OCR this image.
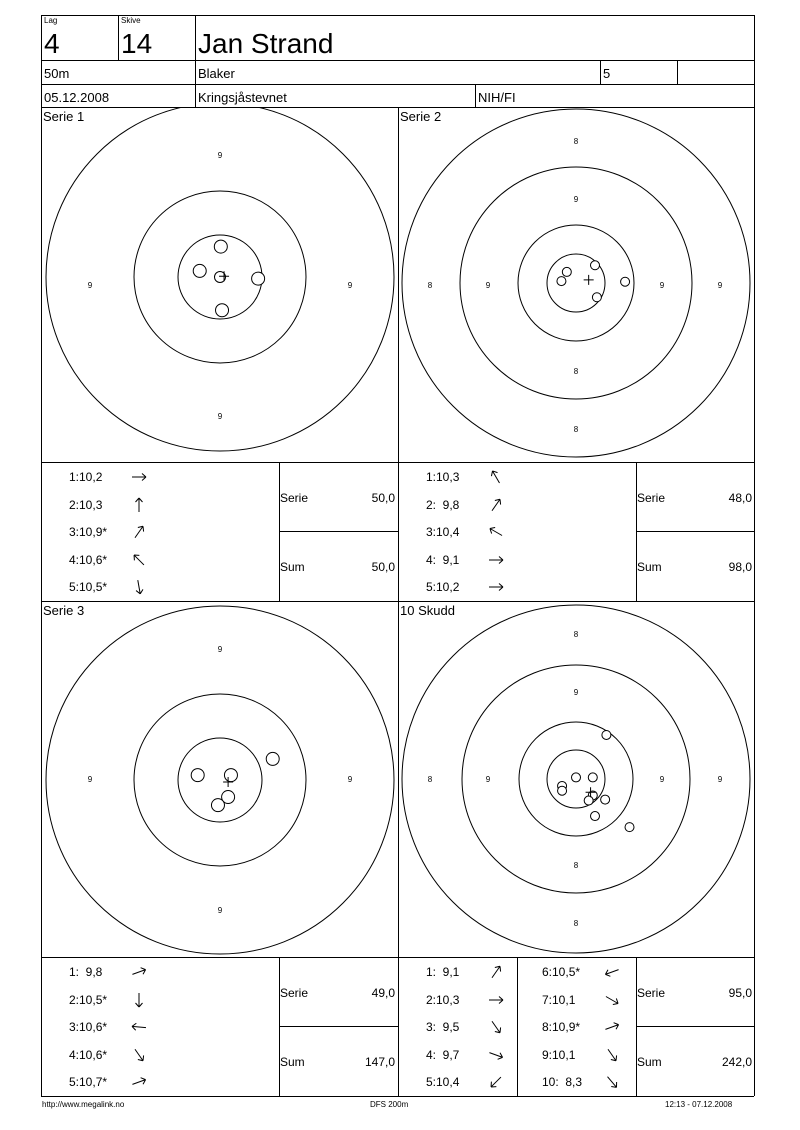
Lag
4
Skive
14 Jan Strand
50m	Blaker	5
05.12.2008	Kringsjåstevnet	NIH/FI
Serie 1	Serie 2
Serie 3	10 Skudd
9
9	9
9
8
9
9
8	9	9
8
8
9
9	9
9
8
9
9
8	9	9
8
8
1:10,2
2:10,3
3:10,9*
4:10,6*
5:10,5*
Serie	50,0
Sum	50,0
1:10,3
2:  9,8
3:10,4
4:  9,1
5:10,2
Serie	48,0
Sum	98,0
1:  9,8
2:10,5*
3:10,6*
4:10,6*
5:10,7*
Serie	49,0
Sum	147,0
1:  9,1
2:10,3
3:  9,5
4:  9,7
5:10,4
6:10,5*
7:10,1
8:10,9*
9:10,1
10:  8,3
Serie	95,0
Sum	242,0
http://www.megalink.no	DFS 200m	12:13 - 07.12.2008
